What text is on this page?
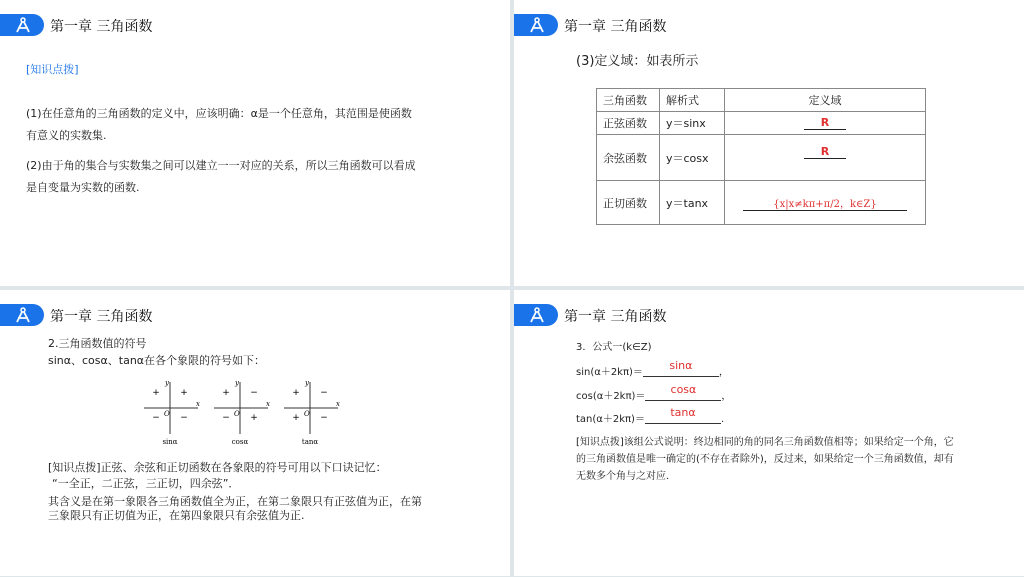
第一章 三角函数
[知识点拨]
(1)在任意角的三角函数的定义中，应该明确：α是一个任意角，其范围是使函数
有意义的实数集.
(2)由于角的集合与实数集之间可以建立一一对应的关系，所以三角函数可以看成
是自变量为实数的函数.
第一章 三角函数
(3)定义域：如表所示
三角函数	解析式	定义域
正弦函数	y＝sinx	R
余弦函数	y＝cosx	R
正切函数	y＝tanx	{x|x≠kπ+π/2，k∈Z}
第一章 三角函数
2.三角函数值的符号
sinα、cosα、tanα在各个象限的符号如下：
x
y
O
+
+
− −
sinα
x
y
O
−
+
− +
cosα
x
y
O
−
+
+ −
tanα
[知识点拨]正弦、余弦和正切函数在各象限的符号可用以下口诀记忆：
“一全正，二正弦，三正切，四余弦”．
其含义是在第一象限各三角函数值全为正，在第二象限只有正弦值为正，在第
三象限只有正切值为正，在第四象限只有余弦值为正.
第一章 三角函数
3．公式一(k∈Z)
sin(α＋2kπ)＝sinα，
cos(α＋2kπ)＝cosα，
tan(α＋2kπ)＝tanα.
[知识点拨]该组公式说明：终边相同的角的同名三角函数值相等；如果给定一个角，它
的三角函数值是唯一确定的(不存在者除外)，反过来，如果给定一个三角函数值，却有
无数多个角与之对应．
